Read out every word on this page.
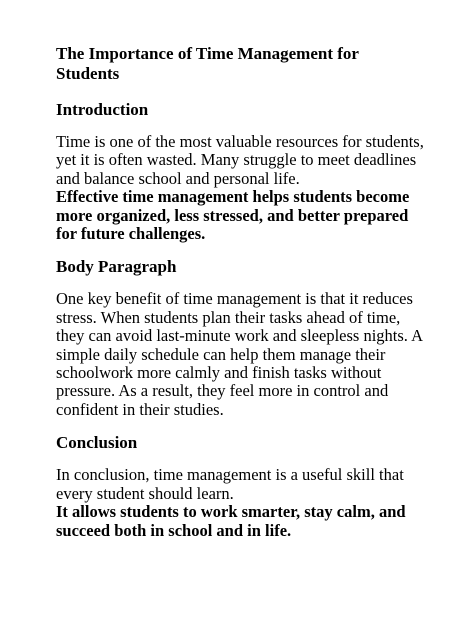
The Importance of Time Management for Students
Introduction

Time is one of the most valuable resources for students, yet it is often wasted. Many struggle to meet deadlines and balance school and personal life.

Effective time management helps students become more organized, less stressed, and better prepared for future challenges.

Body Paragraph

One key benefit of time management is that it reduces stress. When students plan their tasks ahead of time, they can avoid last-minute work and sleepless nights. A simple daily schedule can help them manage their schoolwork more calmly and finish tasks without pressure. As a result, they feel more in control and confident in their studies.

Conclusion

In conclusion, time management is a useful skill that every student should learn.

It allows students to work smarter, stay calm, and succeed both in school and in life.
